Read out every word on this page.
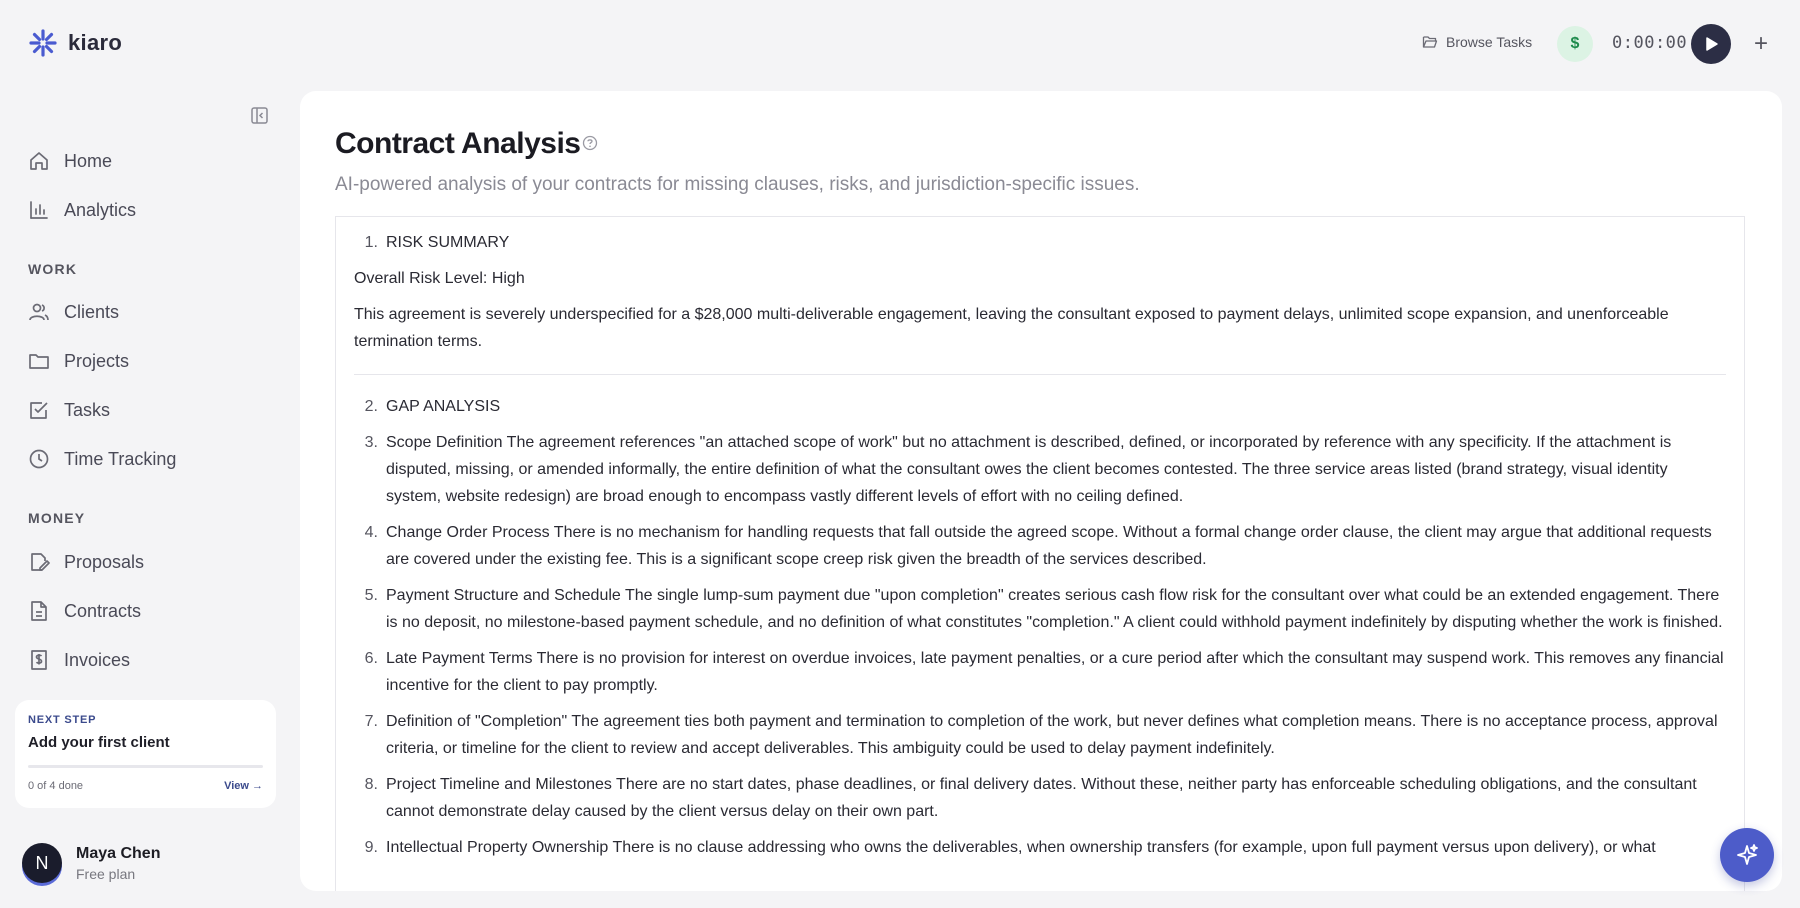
kiaro
Home
Analytics
WORK
Clients
Projects
Tasks
Time Tracking
MONEY
Proposals
Contracts
Invoices
NEXT STEP
Add your first client
0 of 4 done	View →
N	Maya Chen
Free plan
Browse Tasks	$	0:00:00	+
Contract Analysis

AI-powered analysis of your contracts for missing clauses, risks, and jurisdiction-specific issues.

1. RISK SUMMARY
Overall Risk Level: High
This agreement is severely underspecified for a $28,000 multi-deliverable engagement, leaving the consultant exposed to payment delays, unlimited scope expansion, and unenforceable termination terms.
2. GAP ANALYSIS
3. Scope Definition The agreement references "an attached scope of work" but no attachment is described, defined, or incorporated by reference with any specificity. If the attachment is disputed, missing, or amended informally, the entire definition of what the consultant owes the client becomes contested. The three service areas listed (brand strategy, visual identity system, website redesign) are broad enough to encompass vastly different levels of effort with no ceiling defined.
4. Change Order Process There is no mechanism for handling requests that fall outside the agreed scope. Without a formal change order clause, the client may argue that additional requests are covered under the existing fee. This is a significant scope creep risk given the breadth of the services described.
5. Payment Structure and Schedule The single lump-sum payment due "upon completion" creates serious cash flow risk for the consultant over what could be an extended engagement. There is no deposit, no milestone-based payment schedule, and no definition of what constitutes "completion." A client could withhold payment indefinitely by disputing whether the work is finished.
6. Late Payment Terms There is no provision for interest on overdue invoices, late payment penalties, or a cure period after which the consultant may suspend work. This removes any financial incentive for the client to pay promptly.
7. Definition of "Completion" The agreement ties both payment and termination to completion of the work, but never defines what completion means. There is no acceptance process, approval criteria, or timeline for the client to review and accept deliverables. This ambiguity could be used to delay payment indefinitely.
8. Project Timeline and Milestones There are no start dates, phase deadlines, or final delivery dates. Without these, neither party has enforceable scheduling obligations, and the consultant cannot demonstrate delay caused by the client versus delay on their own part.
9. Intellectual Property Ownership There is no clause addressing who owns the deliverables, when ownership transfers (for example, upon full payment versus upon delivery), or what
